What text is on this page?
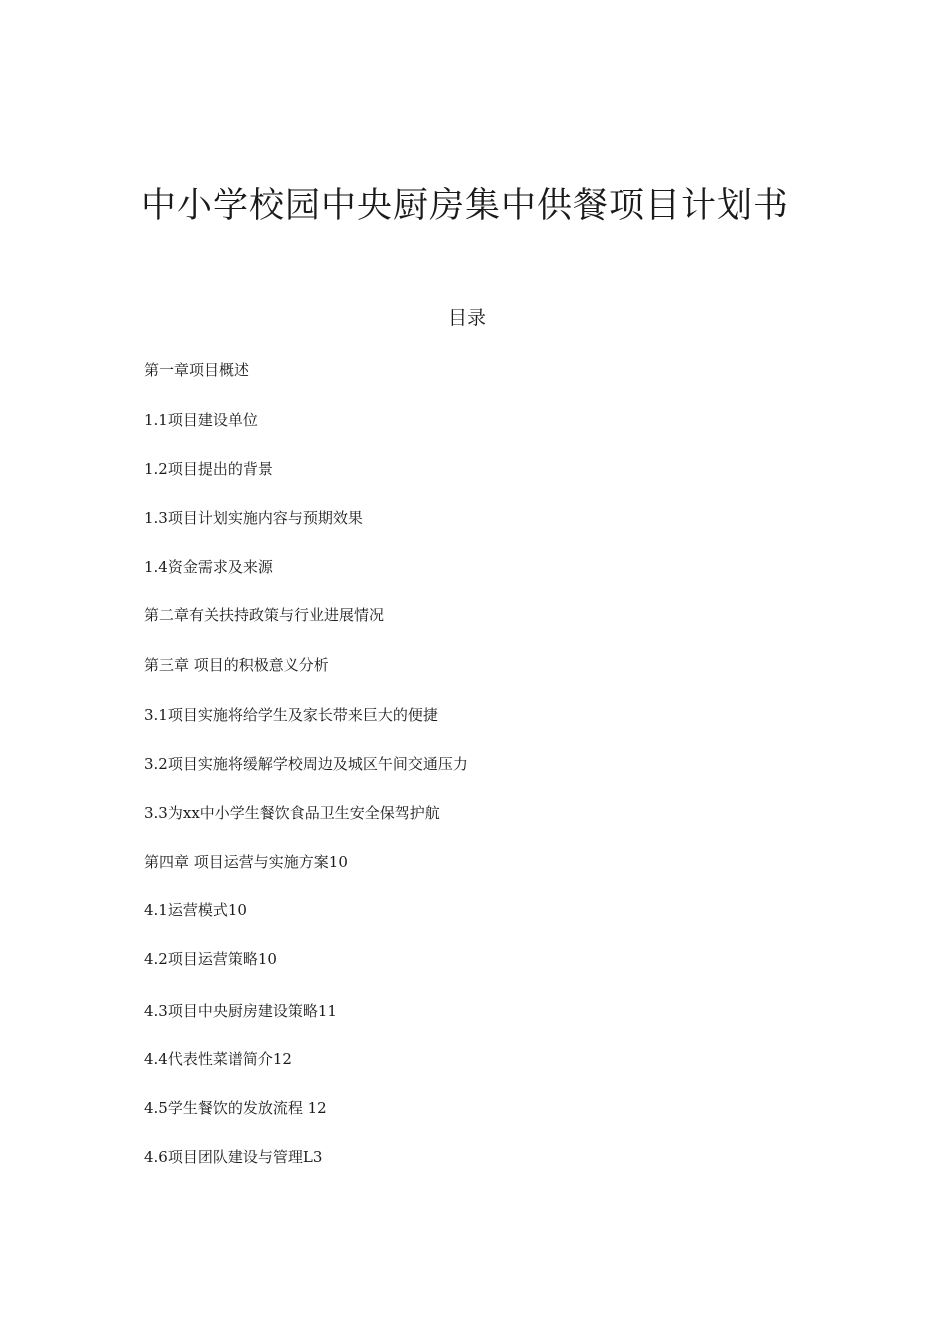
中小学校园中央厨房集中供餐项目计划书
目录
第一章项目概述
1.1项目建设单位
1.2项目提出的背景
1.3项目计划实施内容与预期效果
1.4资金需求及来源
第二章有关扶持政策与行业进展情况
第三章 项目的积极意义分析
3.1项目实施将给学生及家长带来巨大的便捷
3.2项目实施将缓解学校周边及城区午间交通压力
3.3为xx中小学生餐饮食品卫生安全保驾护航
第四章 项目运营与实施方案10
4.1运营模式10
4.2项目运营策略10
4.3项目中央厨房建设策略11
4.4代表性菜谱简介12
4.5学生餐饮的发放流程 12
4.6项目团队建设与管理L3
